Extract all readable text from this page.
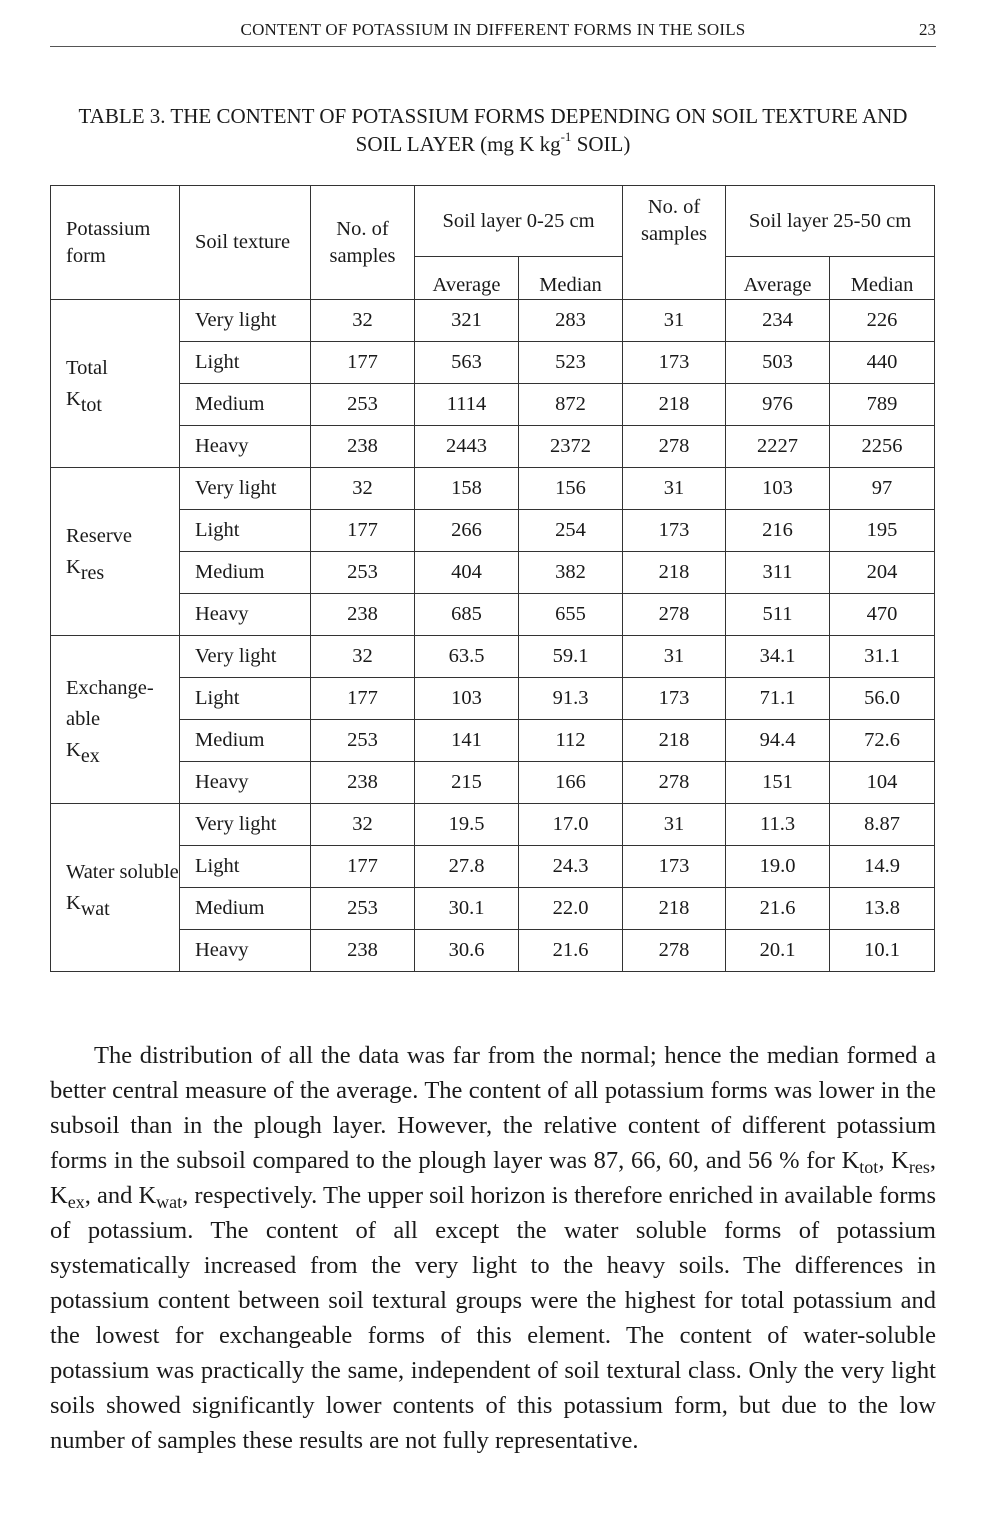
CONTENT OF POTASSIUM IN DIFFERENT FORMS IN THE SOILS	23
TABLE 3. THE CONTENT OF POTASSIUM FORMS DEPENDING ON SOIL TEXTURE AND
SOIL LAYER (mg K $kg^{-1}$ SOIL)
Potassium form	Soil texture	No. of samples	Soil layer 0-25 cm		No. of samples	Soil layer 25-50 cm	
			Average	Median		Average	Median

Total
$K_{tot}$	Very light	32	321	283	31	234	226
	Light	177	563	523	173	503	440
	Medium	253	1114	872	218	976	789
	Heavy	238	2443	2372	278	2227	2256

Reserve
$K_{res}$	Very light	32	158	156	31	103	97
	Light	177	266	254	173	216	195
	Medium	253	404	382	218	311	204
	Heavy	238	685	655	278	511	470

Exchange- able
$K_{ex}$	Very light	32	63.5	59.1	31	34.1	31.1
	Light	177	103	91.3	173	71.1	56.0
	Medium	253	141	112	218	94.4	72.6
	Heavy	238	215	166	278	151	104

Water soluble
$K_{wat}$	Very light	32	19.5	17.0	31	11.3	8.87
	Light	177	27.8	24.3	173	19.0	14.9
	Medium	253	30.1	22.0	218	21.6	13.8
	Heavy	238	30.6	21.6	278	20.1	10.1

The distribution of all the data was far from the normal; hence the median formed a better central measure of the average. The content of all potassium forms was lower in the subsoil than in the plough layer. However, the relative content of different potassium forms in the subsoil compared to the plough layer was 87, 66, 60, and 56 % for $K_{tot}$, $K_{res}$, $K_{ex}$, and $K_{wat}$, respectively. The upper soil horizon is therefore enriched in available forms of potassium. The content of all except the water soluble forms of potassium systematically increased from the very light to the heavy soils. The differences in potassium content between soil textural groups were the highest for total potassium and the lowest for exchangeable forms of this element. The content of water-soluble potassium was practically the same, independent of soil textural class. Only the very light soils showed significantly lower contents of this potassium form, but due to the low number of samples these results are not fully representative.
